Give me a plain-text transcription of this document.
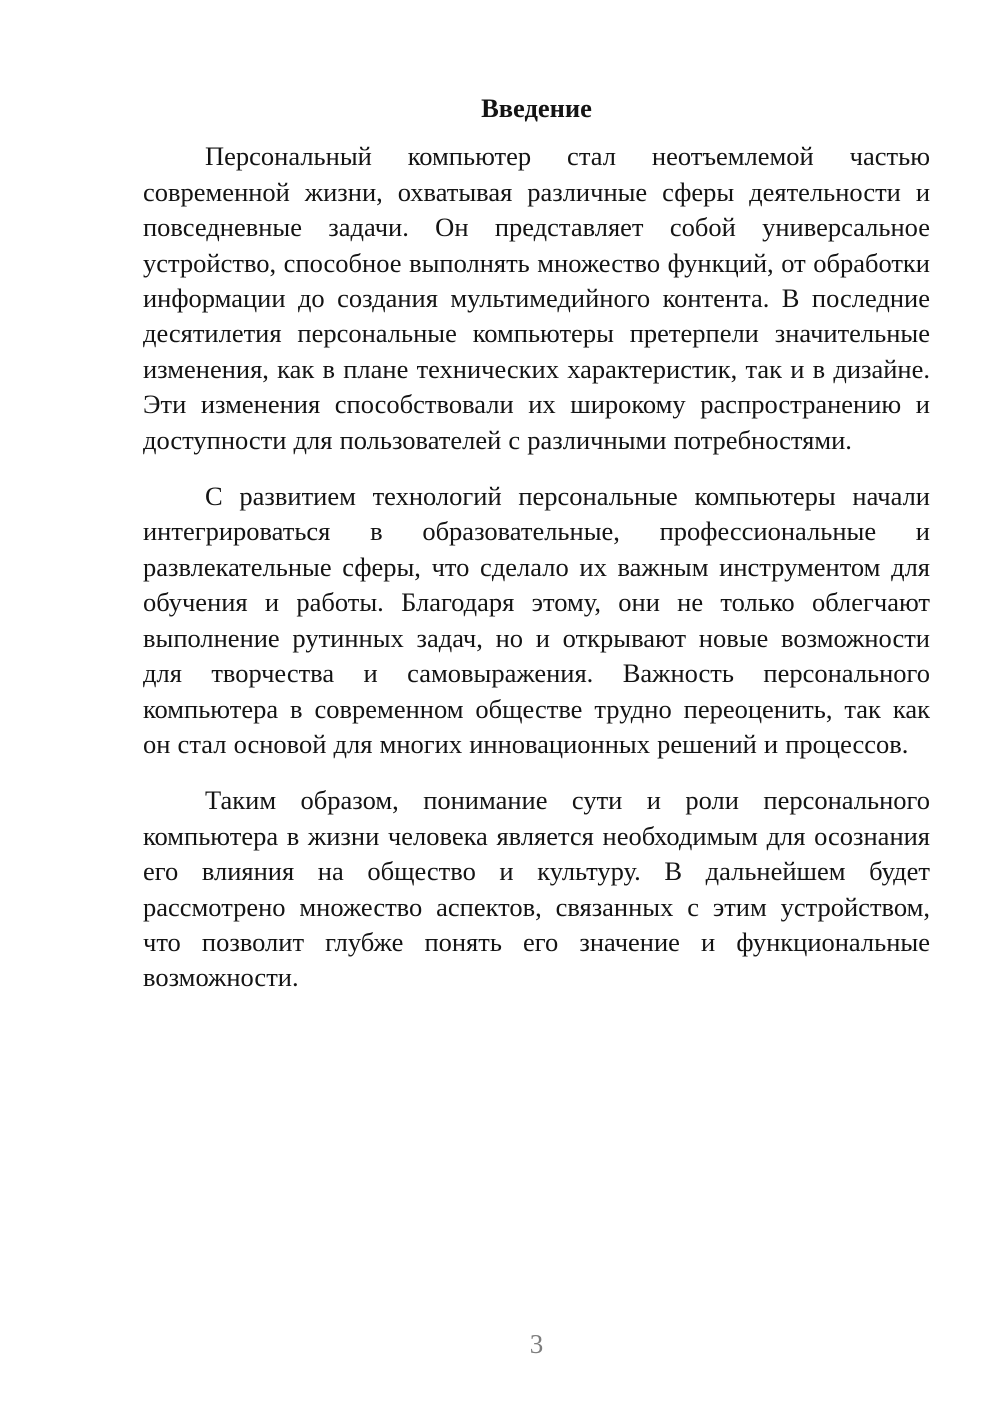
Введение

Персональный компьютер стал неотъемлемой частью современной жизни, охватывая различные сферы деятельности и повседневные задачи. Он представляет собой универсальное устройство, способное выполнять множество функций, от обработки информации до создания мультимедийного контента. В последние десятилетия персональные компьютеры претерпели значительные изменения, как в плане технических характеристик, так и в дизайне. Эти изменения способствовали их широкому распространению и доступности для пользователей с различными потребностями.

С развитием технологий персональные компьютеры начали интегрироваться в образовательные, профессиональные и развлекательные сферы, что сделало их важным инструментом для обучения и работы. Благодаря этому, они не только облегчают выполнение рутинных задач, но и открывают новые возможности для творчества и самовыражения. Важность персонального компьютера в современном обществе трудно переоценить, так как он стал основой для многих инновационных решений и процессов.

Таким образом, понимание сути и роли персонального компьютера в жизни человека является необходимым для осознания его влияния на общество и культуру. В дальнейшем будет рассмотрено множество аспектов, связанных с этим устройством, что позволит глубже понять его значение и функциональные возможности.

3
